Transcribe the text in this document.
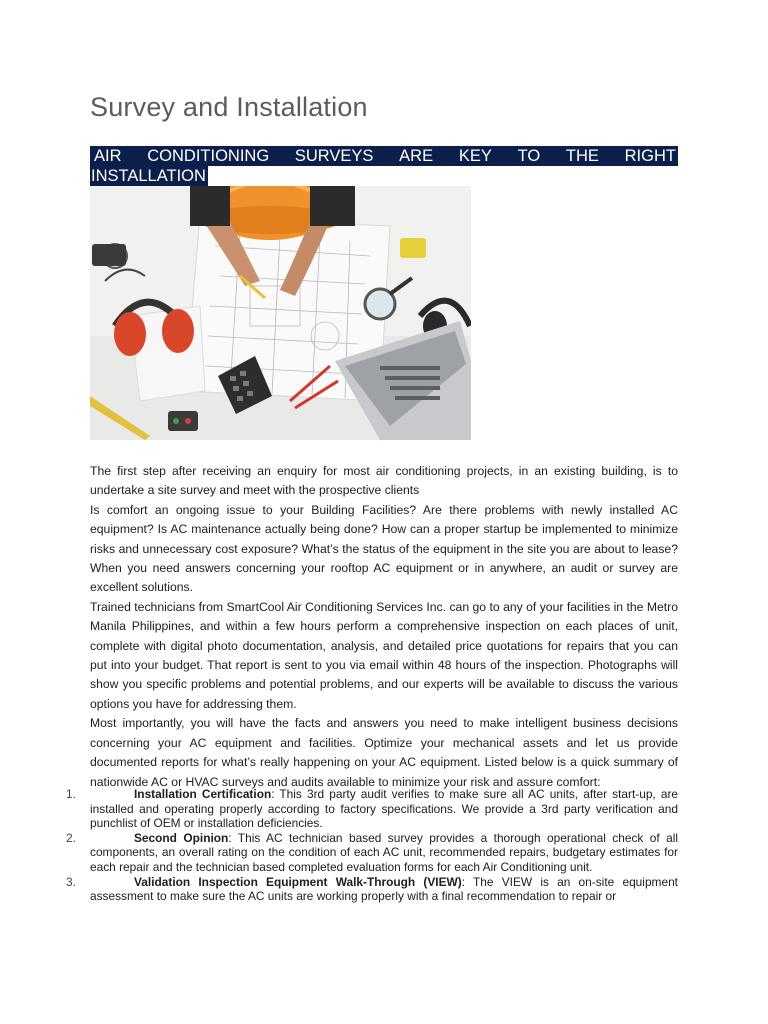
Survey and Installation
AIR CONDITIONING SURVEYS ARE KEY TO THE RIGHT
INSTALLATION

The first step after receiving an enquiry for most air conditioning projects, in an existing building, is to undertake a site survey and meet with the prospective clients

Is comfort an ongoing issue to your Building Facilities? Are there problems with newly installed AC equipment? Is AC maintenance actually being done? How can a proper startup be implemented to minimize risks and unnecessary cost exposure? What’s the status of the equipment in the site you are about to lease? When you need answers concerning your rooftop AC equipment or in anywhere, an audit or survey are excellent solutions.

Trained technicians from SmartCool Air Conditioning Services Inc. can go to any of your facilities in the Metro Manila Philippines, and within a few hours perform a comprehensive inspection on each places of unit, complete with digital photo documentation, analysis, and detailed price quotations for repairs that you can put into your budget. That report is sent to you via email within 48 hours of the inspection. Photographs will show you specific problems and potential problems, and our experts will be available to discuss the various options you have for addressing them.

Most importantly, you will have the facts and answers you need to make intelligent business decisions concerning your AC equipment and facilities. Optimize your mechanical assets and let us provide documented reports for what’s really happening on your AC equipment. Listed below is a quick summary of nationwide AC or HVAC surveys and audits available to minimize your risk and assure comfort:

1.	Installation Certification: This 3rd party audit verifies to make sure all AC units, after start-up, are installed and operating properly according to factory specifications. We provide a 3rd party verification and punchlist of OEM or installation deficiencies.
2.	Second Opinion: This AC technician based survey provides a thorough operational check of all components, an overall rating on the condition of each AC unit, recommended repairs, budgetary estimates for each repair and the technician based completed evaluation forms for each Air Conditioning unit.
3.	Validation Inspection Equipment Walk-Through (VIEW): The VIEW is an on-site equipment assessment to make sure the AC units are working properly with a final recommendation to repair or
